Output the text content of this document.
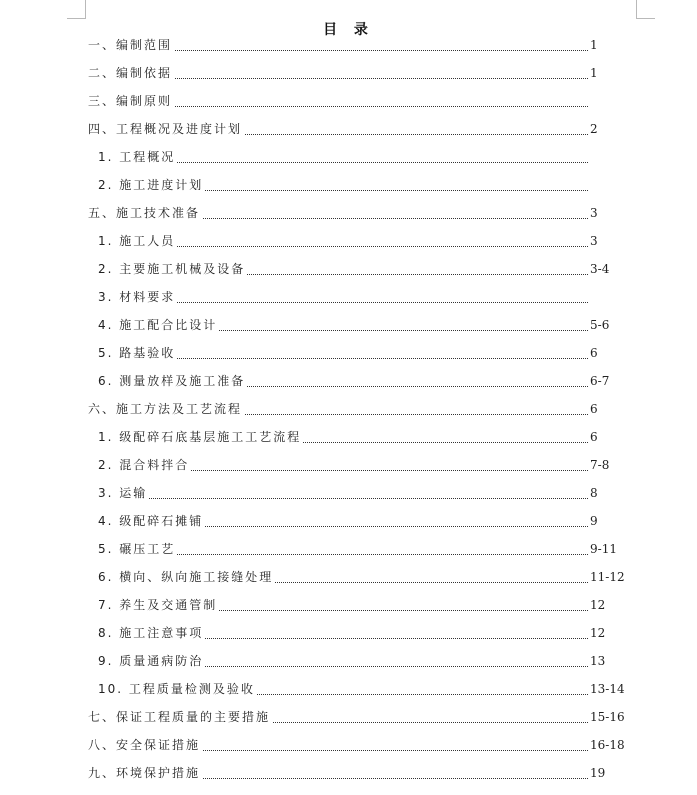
目 录
一、编制范围	1
二、编制依据	1
三、编制原则
四、工程概况及进度计划	2
1. 工程概况
2. 施工进度计划
五、施工技术准备	3
1. 施工人员	3
2. 主要施工机械及设备	3-4
3. 材料要求
4. 施工配合比设计	5-6
5. 路基验收	6
6. 测量放样及施工准备	6-7
六、施工方法及工艺流程	6
1. 级配碎石底基层施工工艺流程	6
2. 混合料拌合	7-8
3. 运输	8
4. 级配碎石摊铺	9
5. 碾压工艺	9-11
6. 横向、纵向施工接缝处理	11-12
7. 养生及交通管制	12
8. 施工注意事项	12
9. 质量通病防治	13
10. 工程质量检测及验收	13-14
七、保证工程质量的主要措施	15-16
八、安全保证措施	16-18
九、环境保护措施	19
